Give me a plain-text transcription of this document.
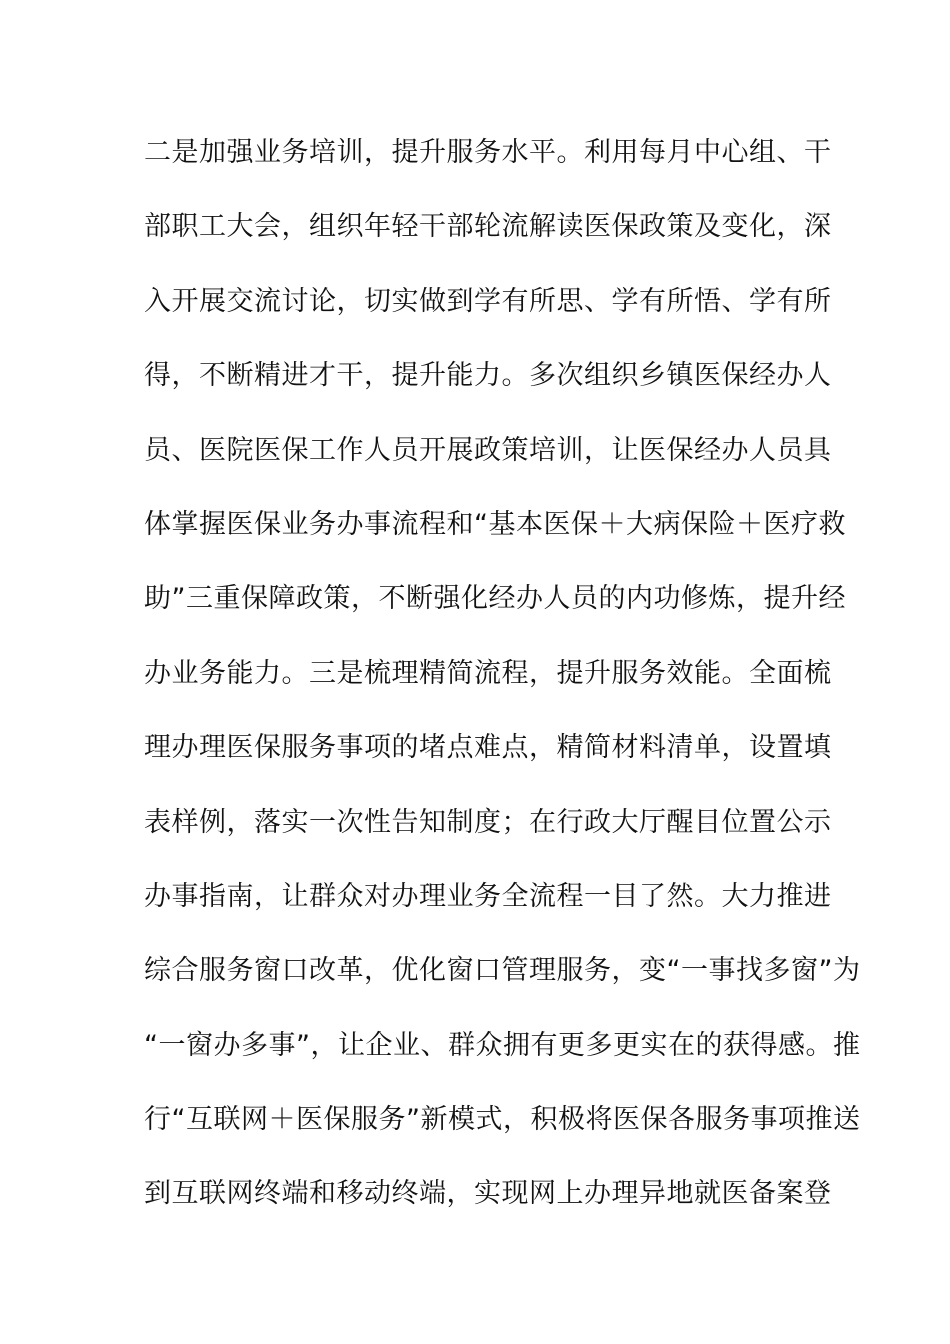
二是加强业务培训，提升服务水平。利用每月中心组、干
部职工大会，组织年轻干部轮流解读医保政策及变化，深
入开展交流讨论，切实做到学有所思、学有所悟、学有所
得，不断精进才干，提升能力。多次组织乡镇医保经办人
员、医院医保工作人员开展政策培训，让医保经办人员具
体掌握医保业务办事流程和“基本医保＋大病保险＋医疗救
助”三重保障政策，不断强化经办人员的内功修炼，提升经
办业务能力。三是梳理精简流程，提升服务效能。全面梳
理办理医保服务事项的堵点难点，精简材料清单，设置填
表样例，落实一次性告知制度；在行政大厅醒目位置公示
办事指南，让群众对办理业务全流程一目了然。大力推进
综合服务窗口改革，优化窗口管理服务，变“一事找多窗”为
“一窗办多事”，让企业、群众拥有更多更实在的获得感。推
行“互联网＋医保服务”新模式，积极将医保各服务事项推送
到互联网终端和移动终端，实现网上办理异地就医备案登
